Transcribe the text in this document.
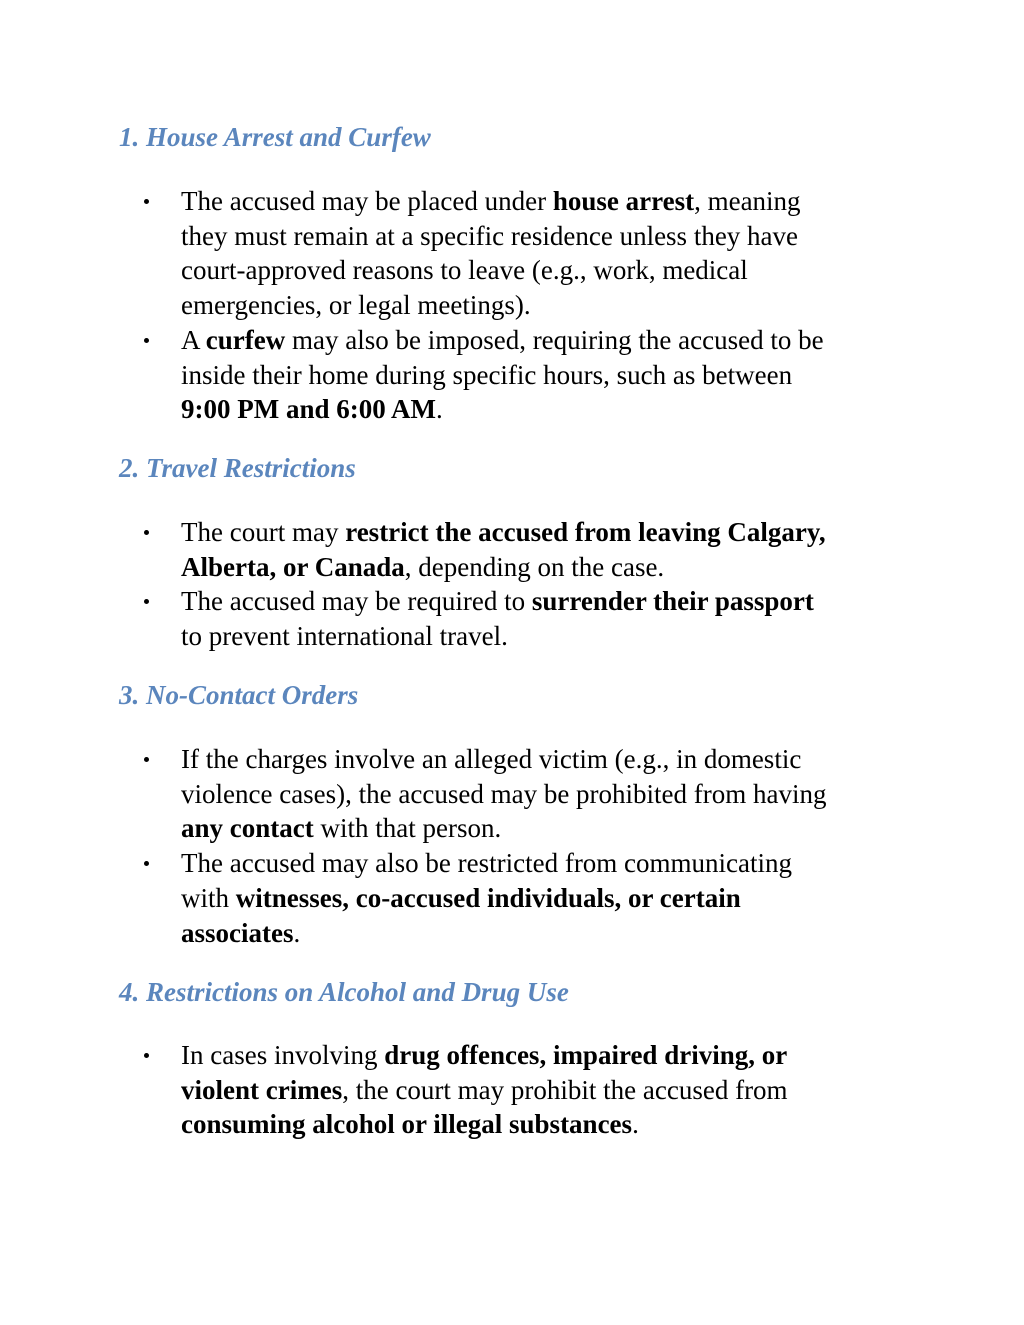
1. House Arrest and Curfew
The accused may be placed under house arrest, meaning
they must remain at a specific residence unless they have
court-approved reasons to leave (e.g., work, medical
emergencies, or legal meetings).
A curfew may also be imposed, requiring the accused to be
inside their home during specific hours, such as between
9:00 PM and 6:00 AM.
2. Travel Restrictions
The court may restrict the accused from leaving Calgary,
Alberta, or Canada, depending on the case.
The accused may be required to surrender their passport
to prevent international travel.
3. No-Contact Orders
If the charges involve an alleged victim (e.g., in domestic
violence cases), the accused may be prohibited from having
any contact with that person.
The accused may also be restricted from communicating
with witnesses, co-accused individuals, or certain
associates.
4. Restrictions on Alcohol and Drug Use
In cases involving drug offences, impaired driving, or
violent crimes, the court may prohibit the accused from
consuming alcohol or illegal substances.
